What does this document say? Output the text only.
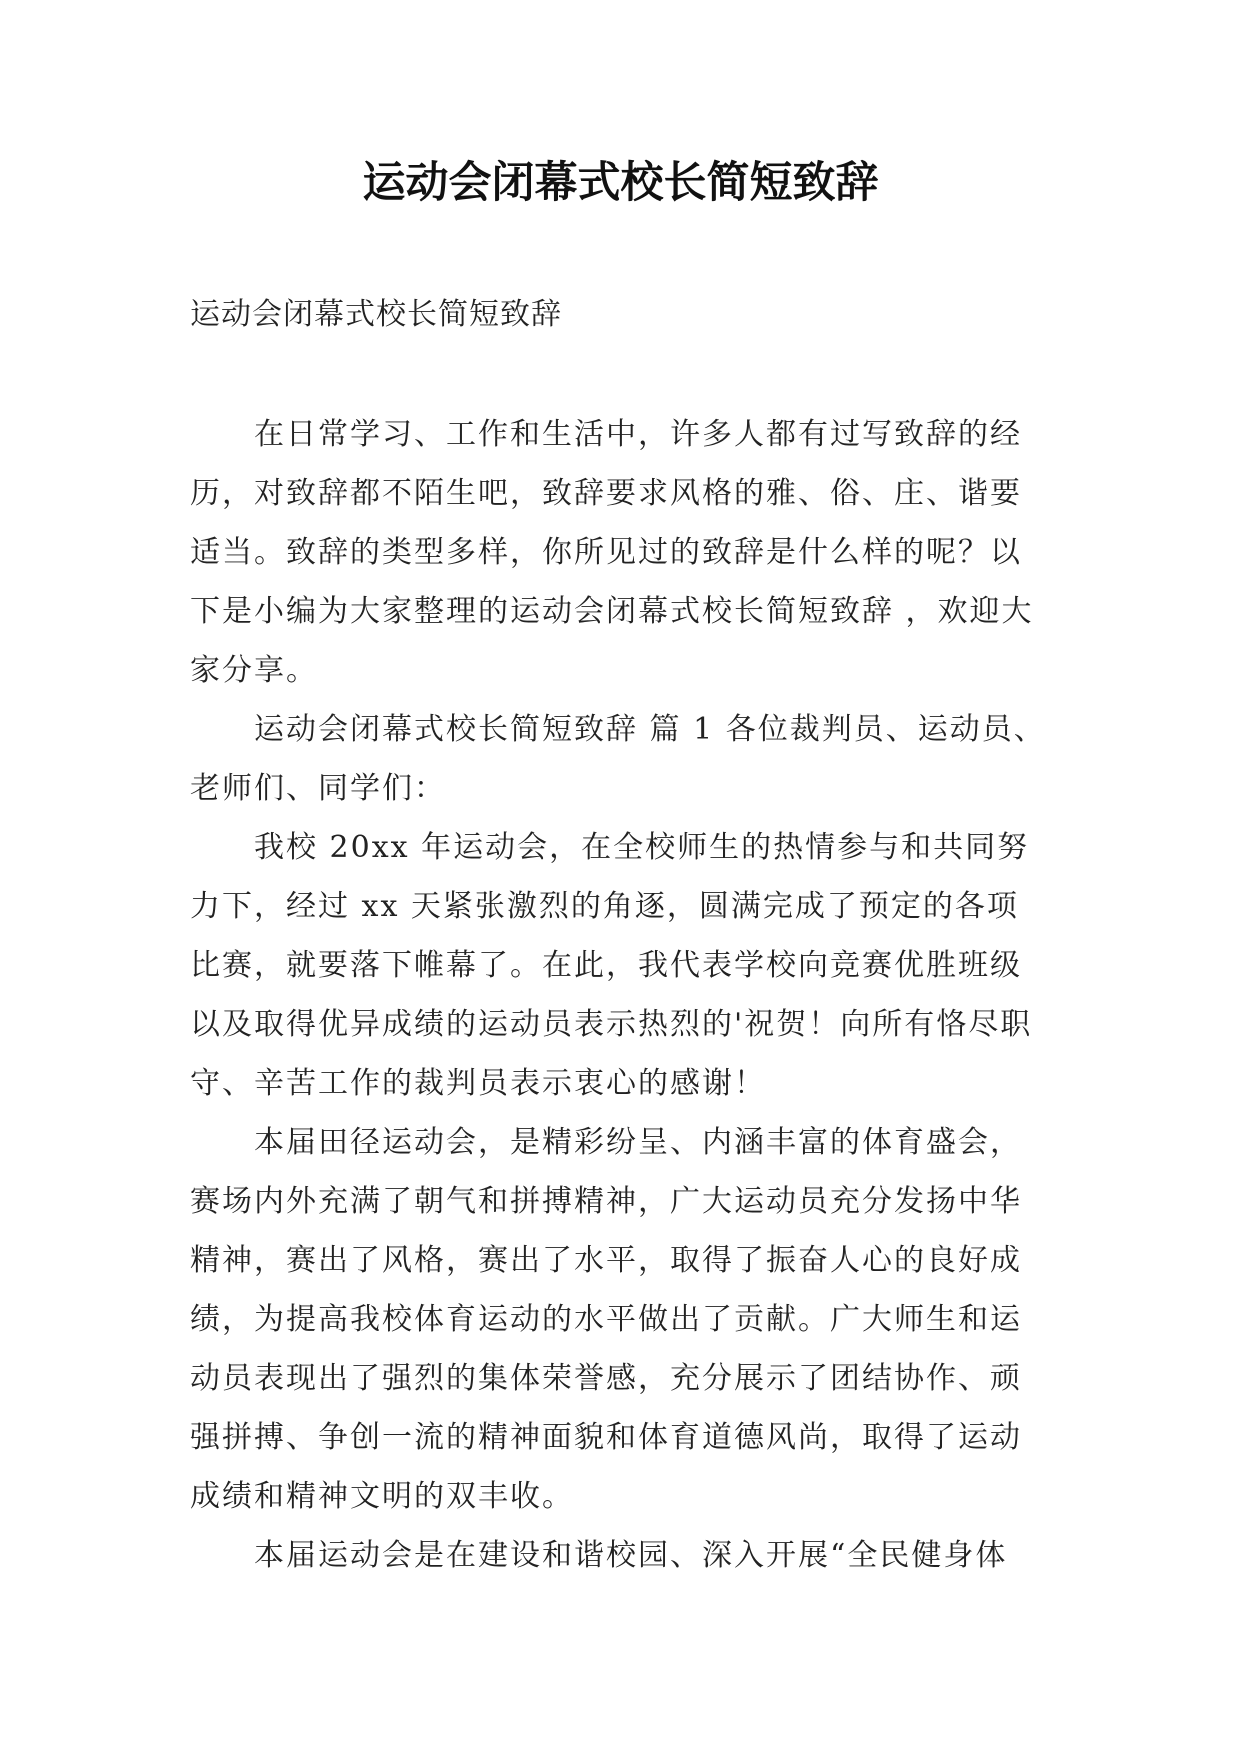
运动会闭幕式校长简短致辞

运动会闭幕式校长简短致辞

在日常学习、工作和生活中，许多人都有过写致辞的经历，对致辞都不陌生吧，致辞要求风格的雅、俗、庄、谐要适当。致辞的类型多样，你所见过的致辞是什么样的呢？以下是小编为大家整理的运动会闭幕式校长简短致辞 ，欢迎大家分享。

运动会闭幕式校长简短致辞 篇 1 各位裁判员、运动员、老师们、同学们：

我校 20xx 年运动会，在全校师生的热情参与和共同努力下，经过 xx 天紧张激烈的角逐，圆满完成了预定的各项比赛，就要落下帷幕了。在此，我代表学校向竞赛优胜班级以及取得优异成绩的运动员表示热烈的'祝贺！向所有恪尽职守、辛苦工作的裁判员表示衷心的感谢！

本届田径运动会，是精彩纷呈、内涵丰富的体育盛会，赛场内外充满了朝气和拼搏精神，广大运动员充分发扬中华精神，赛出了风格，赛出了水平，取得了振奋人心的良好成绩，为提高我校体育运动的水平做出了贡献。广大师生和运动员表现出了强烈的集体荣誉感，充分展示了团结协作、顽强拼搏、争创一流的精神面貌和体育道德风尚，取得了运动成绩和精神文明的双丰收。

本届运动会是在建设和谐校园、深入开展“全民健身体
